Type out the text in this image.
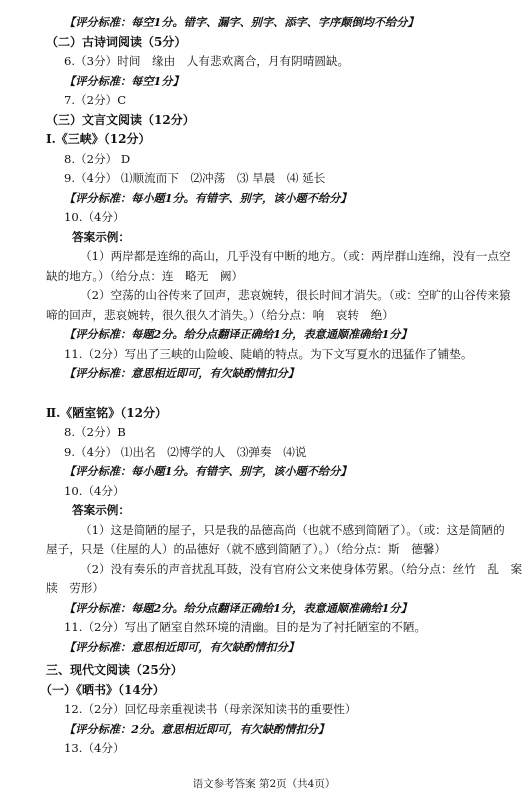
【评分标准：每空1分。错字、漏字、别字、添字、字序颠倒均不给分】
（二）古诗词阅读（5分）
6.（3分）时间　缘由　人有悲欢离合，月有阴晴圆缺。
【评分标准：每空1分】
7.（2分）C
（三）文言文阅读（12分）
Ⅰ.《三峡》（12分）
8.（2分） D
9.（4分） ⑴顺流而下　⑵冲荡　⑶ 旱晨　⑷ 延长
【评分标准：每小题1分。有错字、别字，该小题不给分】
10.（4分）
答案示例：
（1）两岸都是连绵的高山，几乎没有中断的地方。（或：两岸群山连绵，没有一点空
缺的地方。）（给分点：连　略无　阙）
（2）空荡的山谷传来了回声，悲哀婉转，很长时间才消失。（或：空旷的山谷传来猿
啼的回声，悲哀婉转，很久很久才消失。）（给分点：响　哀转　绝）
【评分标准：每题2分。给分点翻译正确给1分，表意通顺准确给1分】
11.（2分）写出了三峡的山险峻、陡峭的特点。为下文写夏水的迅猛作了铺垫。
【评分标准：意思相近即可，有欠缺酌情扣分】
Ⅱ.《陋室铭》（12分）
8.（2分）B
9.（4分） ⑴出名　⑵博学的人　⑶弹奏　⑷说
【评分标准：每小题1分。有错字、别字，该小题不给分】
10.（4分）
答案示例：
（1）这是简陋的屋子，只是我的品德高尚（也就不感到简陋了）。（或：这是简陋的
屋子，只是（住屋的人）的品德好（就不感到简陋了）。）（给分点：斯　德馨）
（2）没有奏乐的声音扰乱耳鼓，没有官府公文来使身体劳累。（给分点：丝竹　乱　案
牍　劳形）
【评分标准：每题2分。给分点翻译正确给1分，表意通顺准确给1分】
11.（2分）写出了陋室自然环境的清幽。目的是为了衬托陋室的不陋。
【评分标准：意思相近即可，有欠缺酌情扣分】
三、现代文阅读（25分）
语文参考答案 第2页（共4页）
（一）《晒书》（14分）
12.（2分）回忆母亲重视读书（母亲深知读书的重要性）
【评分标准：2分。意思相近即可，有欠缺酌情扣分】
13.（4分）
